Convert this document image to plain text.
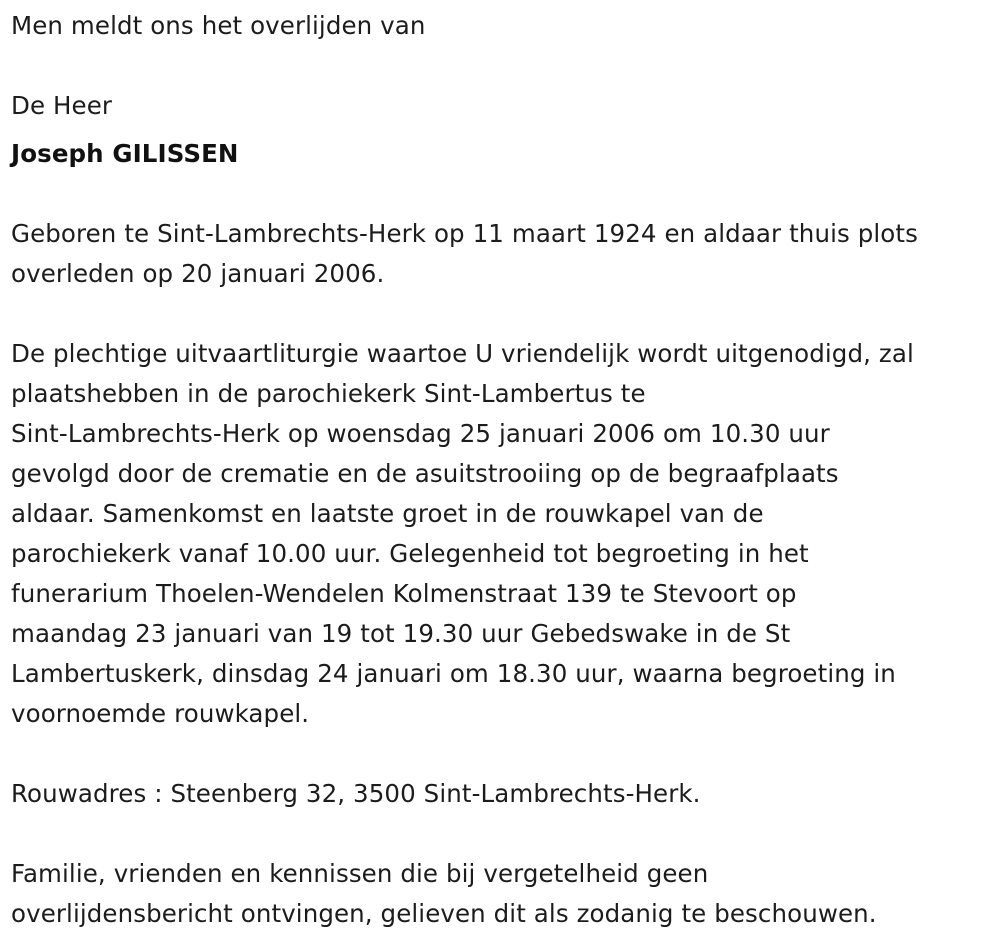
Men meldt ons het overlijden van
De Heer
Joseph GILISSEN
Geboren te Sint-Lambrechts-Herk op 11 maart 1924 en aldaar thuis plots
overleden op 20 januari 2006.
De plechtige uitvaartliturgie waartoe U vriendelijk wordt uitgenodigd, zal
plaatshebben in de parochiekerk Sint-Lambertus te
Sint-Lambrechts-Herk op woensdag 25 januari 2006 om 10.30 uur
gevolgd door de crematie en de asuitstrooiing op de begraafplaats
aldaar. Samenkomst en laatste groet in de rouwkapel van de
parochiekerk vanaf 10.00 uur. Gelegenheid tot begroeting in het
funerarium Thoelen-Wendelen Kolmenstraat 139 te Stevoort op
maandag 23 januari van 19 tot 19.30 uur Gebedswake in de St
Lambertuskerk, dinsdag 24 januari om 18.30 uur, waarna begroeting in
voornoemde rouwkapel.
Rouwadres : Steenberg 32, 3500 Sint-Lambrechts-Herk.
Familie, vrienden en kennissen die bij vergetelheid geen
overlijdensbericht ontvingen, gelieven dit als zodanig te beschouwen.
